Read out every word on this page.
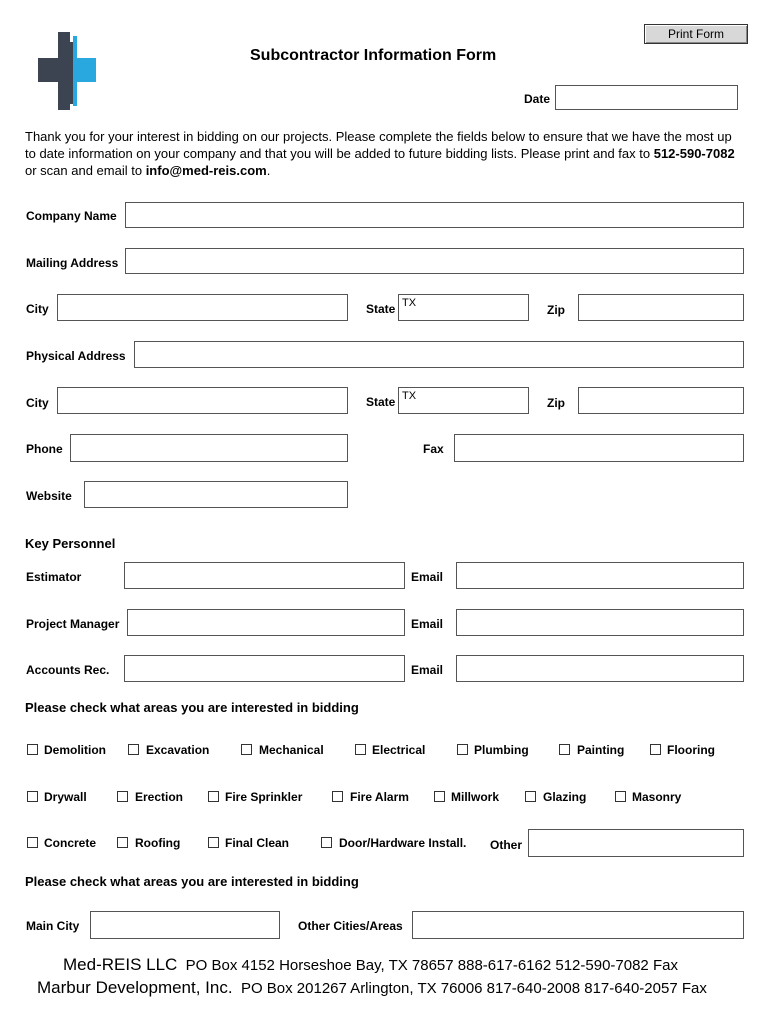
Print Form
Subcontractor Information Form
Date
Thank you for your interest in bidding on our projects. Please complete the fields below to ensure that we have the most up to date information on your company and that you will be added to future bidding lists. Please print and fax to 512-590-7082 or scan and email to info@med-reis.com.
Company Name
Mailing Address
City	State TX	Zip
Physical Address
City	State TX	Zip
Phone	Fax
Website
Key Personnel
Estimator	Email
Project Manager	Email
Accounts Rec.	Email
Please check what areas you are interested in bidding
Demolition	Excavation	Mechanical	Electrical	Plumbing	Painting	Flooring
Drywall	Erection	Fire Sprinkler	Fire Alarm	Millwork	Glazing	Masonry
Concrete	Roofing	Final Clean	Door/Hardware Install. Other
Please check what areas you are interested in bidding
Main City	Other Cities/Areas
Med-REIS LLC PO Box 4152 Horseshoe Bay, TX 78657 888-617-6162 512-590-7082 Fax
Marbur Development, Inc. PO Box 201267 Arlington, TX 76006 817-640-2008 817-640-2057 Fax
